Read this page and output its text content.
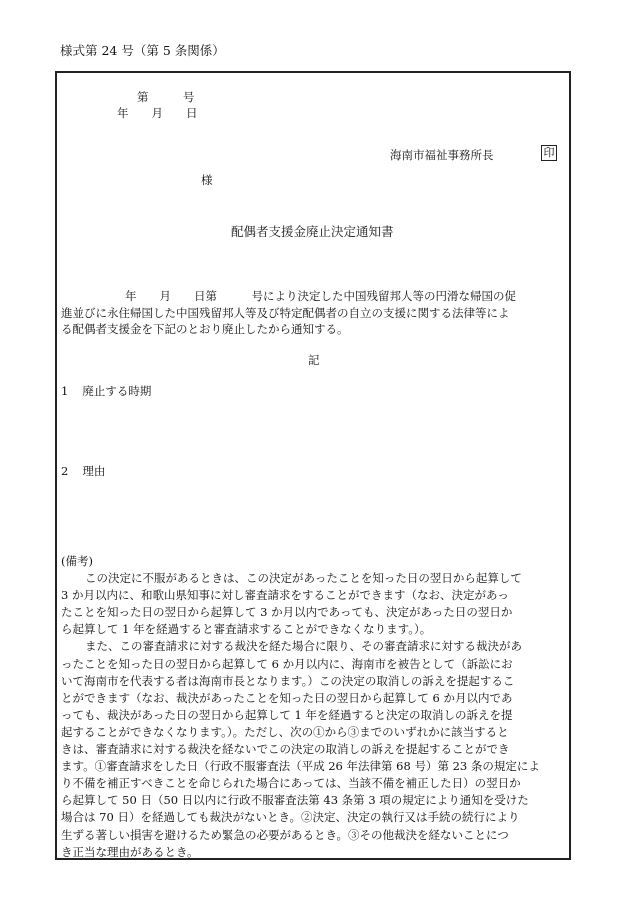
様式第 24 号（第 5 条関係）
第　　　号
年　　月　　日
海南市福祉事務所長	印
様
配偶者支援金廃止決定通知書
年　　月　　日第　　　号により決定した中国残留邦人等の円滑な帰国の促
進並びに永住帰国した中国残留邦人等及び特定配偶者の自立の支援に関する法律等によ
る配偶者支援金を下記のとおり廃止したから通知する。
記
1 廃止する時期
2 理由
(備考)
この決定に不服があるときは、この決定があったことを知った日の翌日から起算して
3 か月以内に、和歌山県知事に対し審査請求をすることができます（なお、決定があっ
たことを知った日の翌日から起算して 3 か月以内であっても、決定があった日の翌日か
ら起算して 1 年を経過すると審査請求することができなくなります。）。
また、この審査請求に対する裁決を経た場合に限り、その審査請求に対する裁決があ
ったことを知った日の翌日から起算して 6 か月以内に、海南市を被告として（訴訟にお
いて海南市を代表する者は海南市長となります。）この決定の取消しの訴えを提起するこ
とができます（なお、裁決があったことを知った日の翌日から起算して 6 か月以内であ
っても、裁決があった日の翌日から起算して 1 年を経過すると決定の取消しの訴えを提
起することができなくなります。）。ただし、次の①から③までのいずれかに該当すると
きは、審査請求に対する裁決を経ないでこの決定の取消しの訴えを提起することができ
ます。①審査請求をした日（行政不服審査法（平成 26 年法律第 68 号）第 23 条の規定によ
り不備を補正すべきことを命じられた場合にあっては、当該不備を補正した日）の翌日か
ら起算して 50 日（50 日以内に行政不服審査法第 43 条第 3 項の規定により通知を受けた
場合は 70 日）を経過しても裁決がないとき。②決定、決定の執行又は手続の続行により
生ずる著しい損害を避けるため緊急の必要があるとき。③その他裁決を経ないことにつ
き正当な理由があるとき。
